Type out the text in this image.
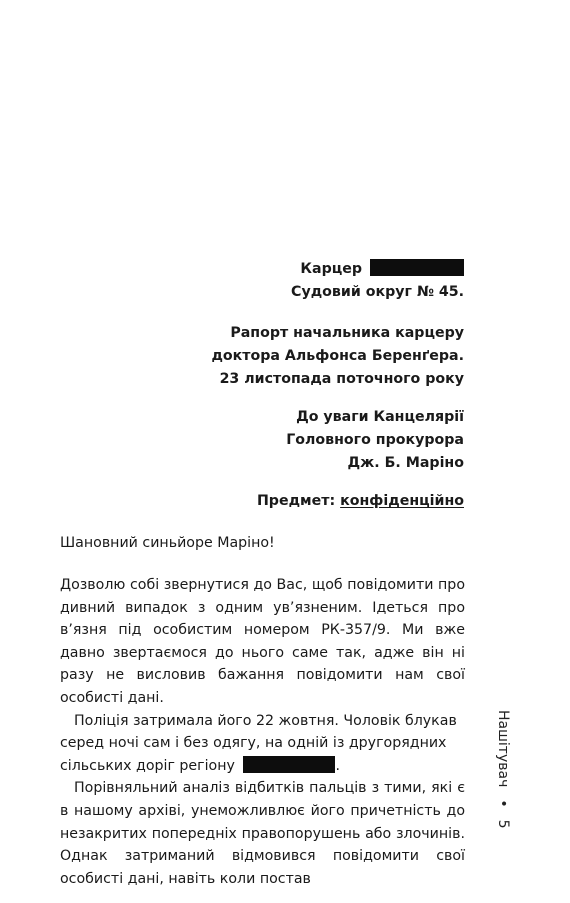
Карцер
Судовий округ № 45.
Рапорт начальника карцеру
доктора Альфонса Беренґера.
23 листопада поточного року
До уваги Канцелярії
Головного прокурора
Дж. Б. Маріно
Предмет: конфіденційно
Шановний синьйоре Маріно!

Дозволю собі звернутися до Вас, щоб повідомити про дивний випадок з одним ув’язненим. Ідеться про в’язня під особистим номером РК-357/9. Ми вже давно звертаємося до нього саме так, адже він ні разу не висловив бажання повідомити нам свої особисті дані.

Поліція затримала його 22 жовтня. Чоловік блукав серед ночі сам і без одягу, на одній із другорядних сільських доріг регіону	.

Порівняльний аналіз відбитків пальців з тими, які є в нашому архіві, унеможливлює його причетність до незакритих попередніх правопорушень або злочинів. Однак затриманий відмовився повідомити свої особисті дані, навіть коли постав

Нашітувач•5
